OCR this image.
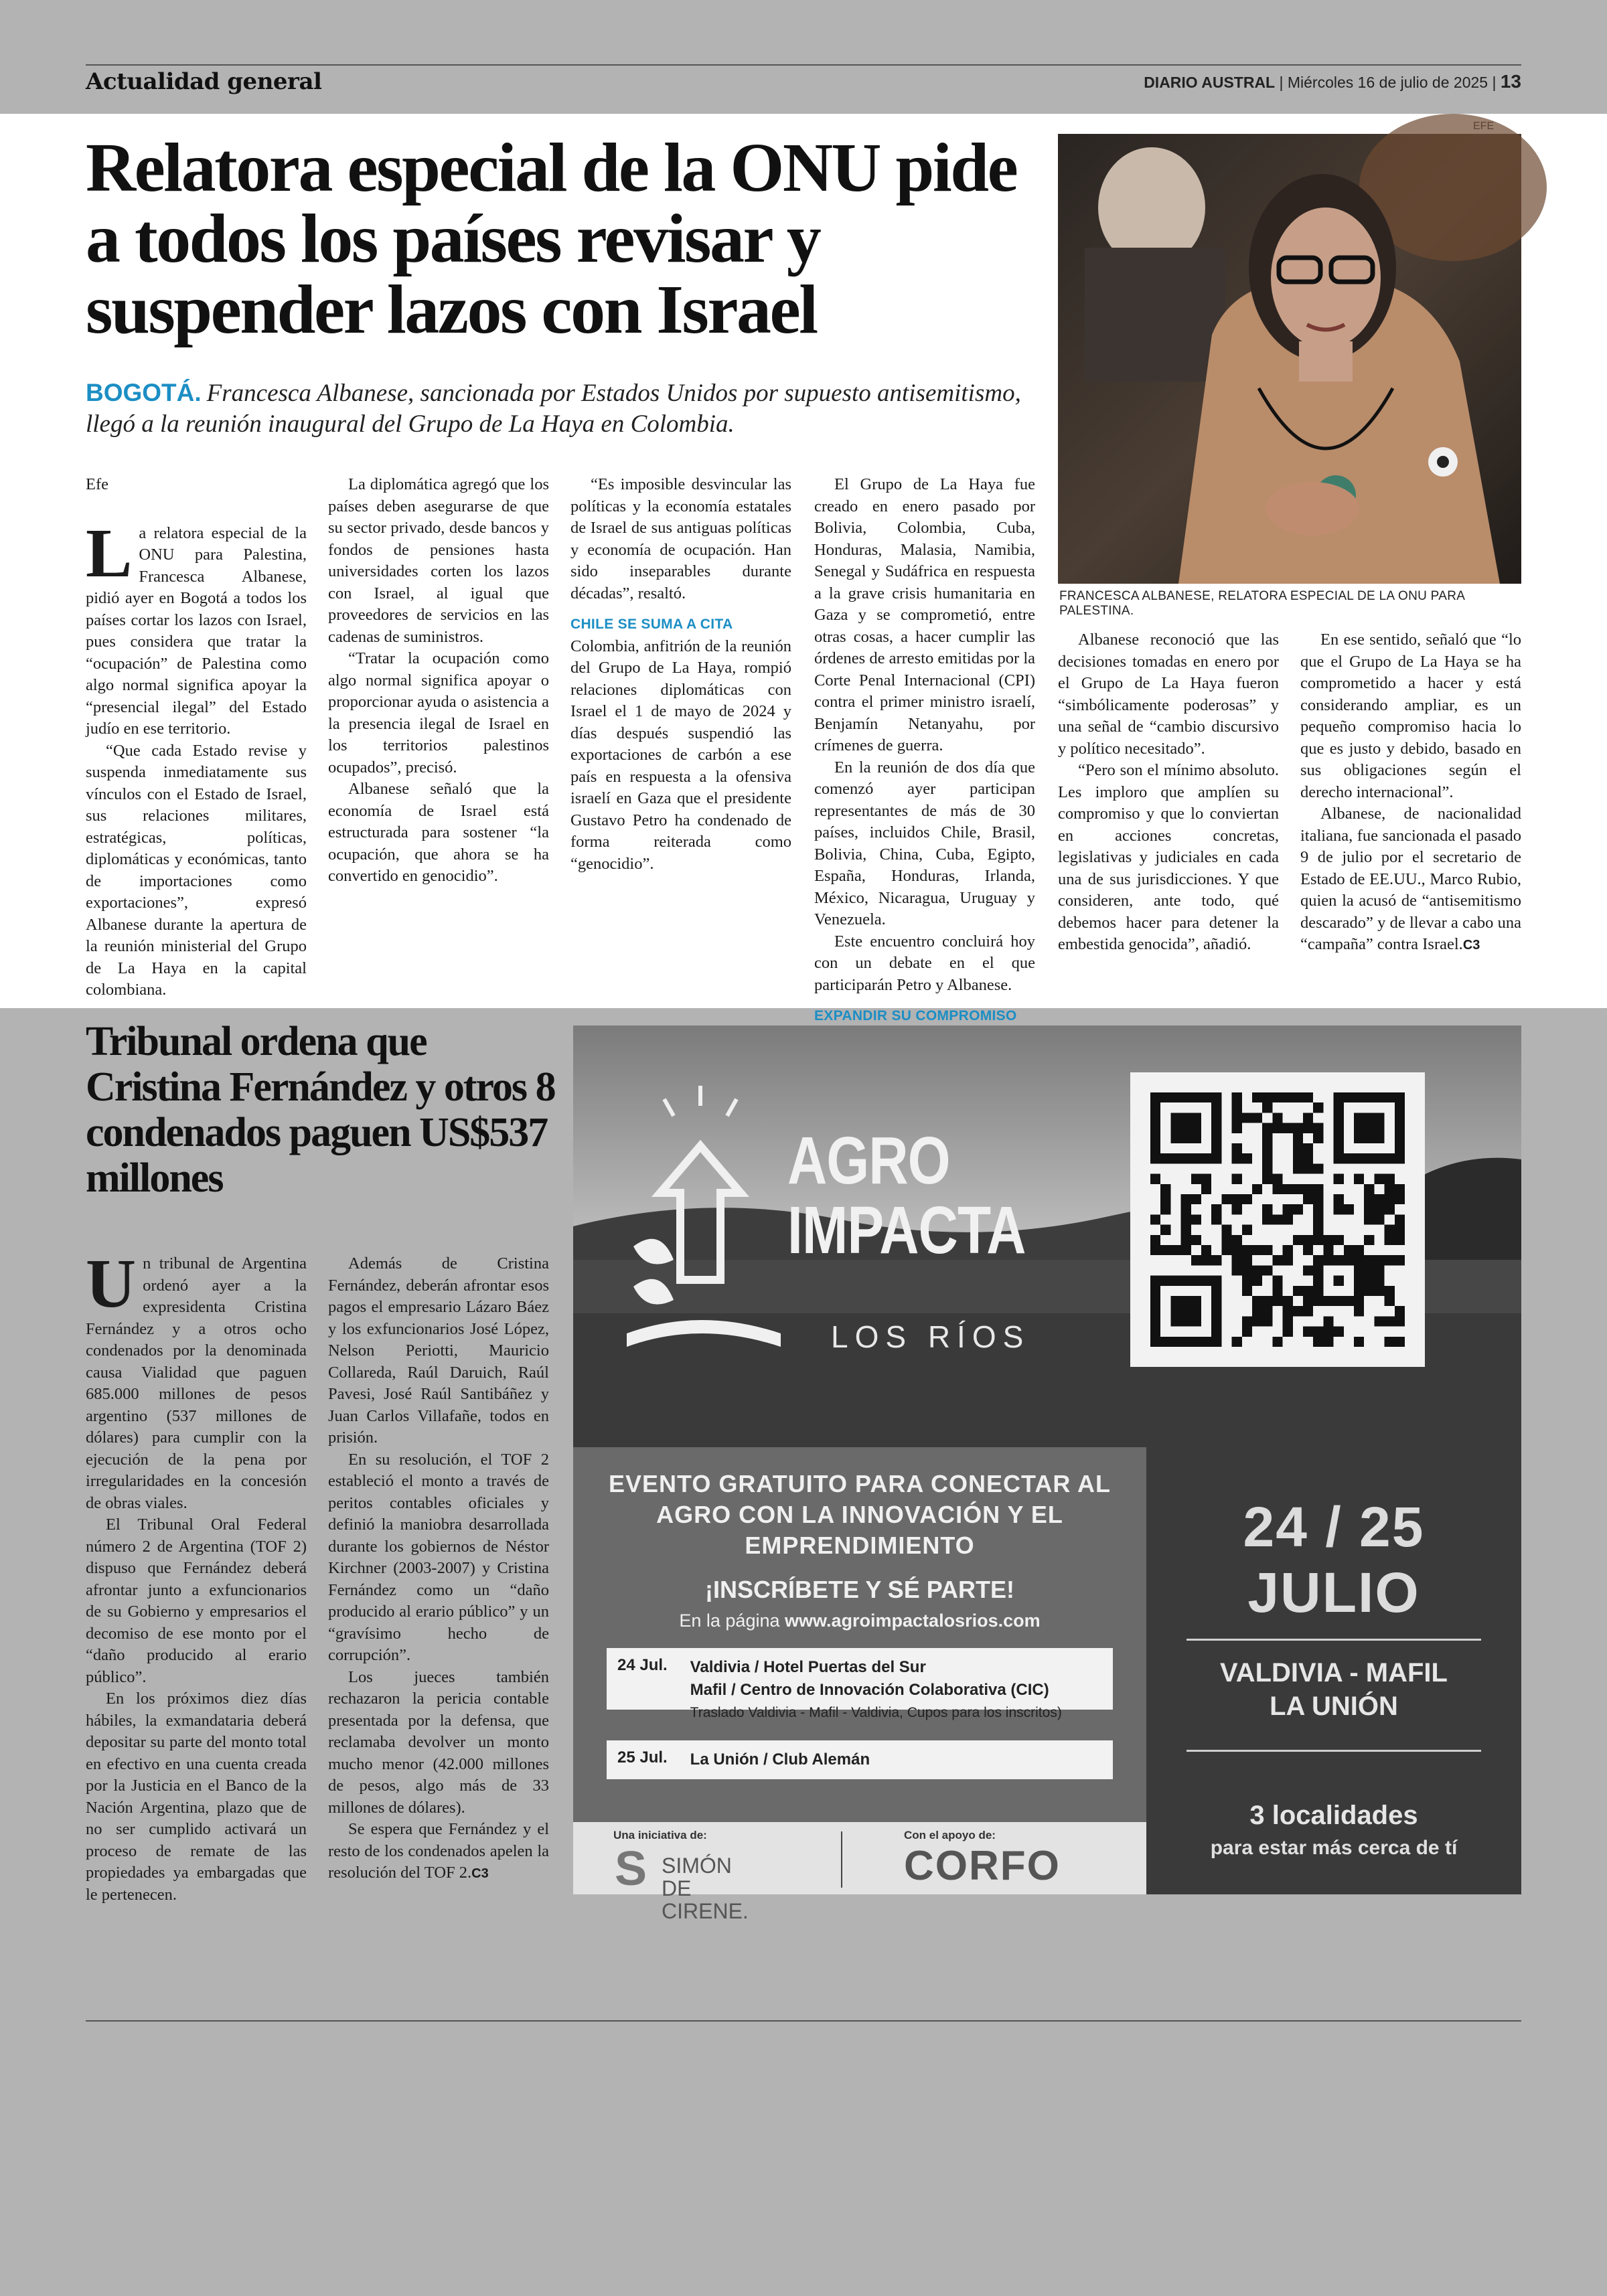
Actualidad general	DIARIO AUSTRAL | Miércoles 16 de julio de 2025 | 13
Relatora especial de la ONU pide a todos los países revisar y suspender lazos con Israel
BOGOTÁ. Francesca Albanese, sancionada por Estados Unidos por supuesto antisemitismo, llegó a la reunión inaugural del Grupo de La Haya en Colombia.
FRANCESCA ALBANESE, RELATORA ESPECIAL DE LA ONU PARA PALESTINA.

Efe

La relatora especial de la ONU para Palestina, Francesca Albanese, pidió ayer en Bogotá a todos los países cortar los lazos con Israel, pues considera que tratar la “ocupación” de Palestina como algo normal significa apoyar la “presencial ilegal” del Estado judío en ese territorio.

“Que cada Estado revise y suspenda inmediatamente sus vínculos con el Estado de Israel, sus relaciones militares, estratégicas, políticas, diplomáticas y económicas, tanto de importaciones como exportaciones”, expresó Albanese durante la apertura de la reunión ministerial del Grupo de La Haya en la capital colombiana.

La diplomática agregó que los países deben asegurarse de que su sector privado, desde bancos y fondos de pensiones hasta universidades corten los lazos con Israel, al igual que proveedores de servicios en las cadenas de suministros.

“Tratar la ocupación como algo normal significa apoyar o proporcionar ayuda o asistencia a la presencia ilegal de Israel en los territorios palestinos ocupados”, precisó.

Albanese señaló que la economía de Israel está estructurada para sostener “la ocupación, que ahora se ha convertido en genocidio”.

“Es imposible desvincular las políticas y la economía estatales de Israel de sus antiguas políticas y economía de ocupación. Han sido inseparables durante décadas”, resaltó.

CHILE SE SUMA A CITA

Colombia, anfitrión de la reunión del Grupo de La Haya, rompió relaciones diplomáticas con Israel el 1 de mayo de 2024 y días después suspendió las exportaciones de carbón a ese país en respuesta a la ofensiva israelí en Gaza que el presidente Gustavo Petro ha condenado de forma reiterada como “genocidio”.

El Grupo de La Haya fue creado en enero pasado por Bolivia, Colombia, Cuba, Honduras, Malasia, Namibia, Senegal y Sudáfrica en respuesta a la grave crisis humanitaria en Gaza y se comprometió, entre otras cosas, a hacer cumplir las órdenes de arresto emitidas por la Corte Penal Internacional (CPI) contra el primer ministro israelí, Benjamín Netanyahu, por crímenes de guerra.

En la reunión de dos día que comenzó ayer participan representantes de más de 30 países, incluidos Chile, Brasil, Bolivia, China, Cuba, Egipto, España, Honduras, Irlanda, México, Nicaragua, Uruguay y Venezuela.

Este encuentro concluirá hoy con un debate en el que participarán Petro y Albanese.

EXPANDIR SU COMPROMISO

Albanese reconoció que las decisiones tomadas en enero por el Grupo de La Haya fueron “simbólicamente poderosas” y una señal de “cambio discursivo y político necesitado”.

“Pero son el mínimo absoluto. Les imploro que amplíen su compromiso y que lo conviertan en acciones concretas, legislativas y judiciales en cada una de sus jurisdicciones. Y que consideren, ante todo, qué debemos hacer para detener la embestida genocida”, añadió.

En ese sentido, señaló que “lo que el Grupo de La Haya se ha comprometido a hacer y está considerando ampliar, es un pequeño compromiso hacia lo que es justo y debido, basado en sus obligaciones según el derecho internacional”.

Albanese, de nacionalidad italiana, fue sancionada el pasado 9 de julio por el secretario de Estado de EE.UU., Marco Rubio, quien la acusó de “antisemitismo descarado” y de llevar a cabo una “campaña” contra Israel.C3

Tribunal ordena que Cristina Fernández y otros 8 condenados paguen US$537 millones

Un tribunal de Argentina ordenó ayer a la expresidenta Cristina Fernández y a otros ocho condenados por la denominada causa Vialidad que paguen 685.000 millones de pesos argentino (537 millones de dólares) para cumplir con la ejecución de la pena por irregularidades en la concesión de obras viales.

El Tribunal Oral Federal número 2 de Argentina (TOF 2) dispuso que Fernández deberá afrontar junto a exfuncionarios de su Gobierno y empresarios el decomiso de ese monto por el “daño producido al erario público”.

En los próximos diez días hábiles, la exmandataria deberá depositar su parte del monto total en efectivo en una cuenta creada por la Justicia en el Banco de la Nación Argentina, plazo que de no ser cumplido activará un proceso de remate de las propiedades ya embargadas que le pertenecen.

Además de Cristina Fernández, deberán afrontar esos pagos el empresario Lázaro Báez y los exfuncionarios José López, Nelson Periotti, Mauricio Collareda, Raúl Daruich, Raúl Pavesi, José Raúl Santibáñez y Juan Carlos Villafañe, todos en prisión.

En su resolución, el TOF 2 estableció el monto a través de peritos contables oficiales y definió la maniobra desarrollada durante los gobiernos de Néstor Kirchner (2003-2007) y Cristina Fernández como un “daño producido al erario público” y un “gravísimo hecho de corrupción”.

Los jueces también rechazaron la pericia contable presentada por la defensa, que reclamaba devolver un monto mucho menor (42.000 millones de pesos, algo más de 33 millones de dólares).

Se espera que Fernández y el resto de los condenados apelen la resolución del TOF 2.C3

AGRO
IMPACTA
LOS RÍOS
EVENTO GRATUITO PARA CONECTAR AL AGRO CON LA INNOVACIÓN Y EL EMPRENDIMIENTO
¡INSCRÍBETE Y SÉ PARTE!
En la página www.agroimpactalosrios.com
24 Jul. Valdivia / Hotel Puertas del Sur
Mafil / Centro de Innovación Colaborativa (CIC)
Traslado Valdivia - Mafil - Valdivia, Cupos para los inscritos)
25 Jul. La Unión / Club Alemán
Una iniciativa de:
S SIMÓN DE
CIRENE.
Con el apoyo de:
CORFO
24 / 25
JULIO
VALDIVIA - MAFIL
LA UNIÓN
3 localidades
para estar más cerca de tí
